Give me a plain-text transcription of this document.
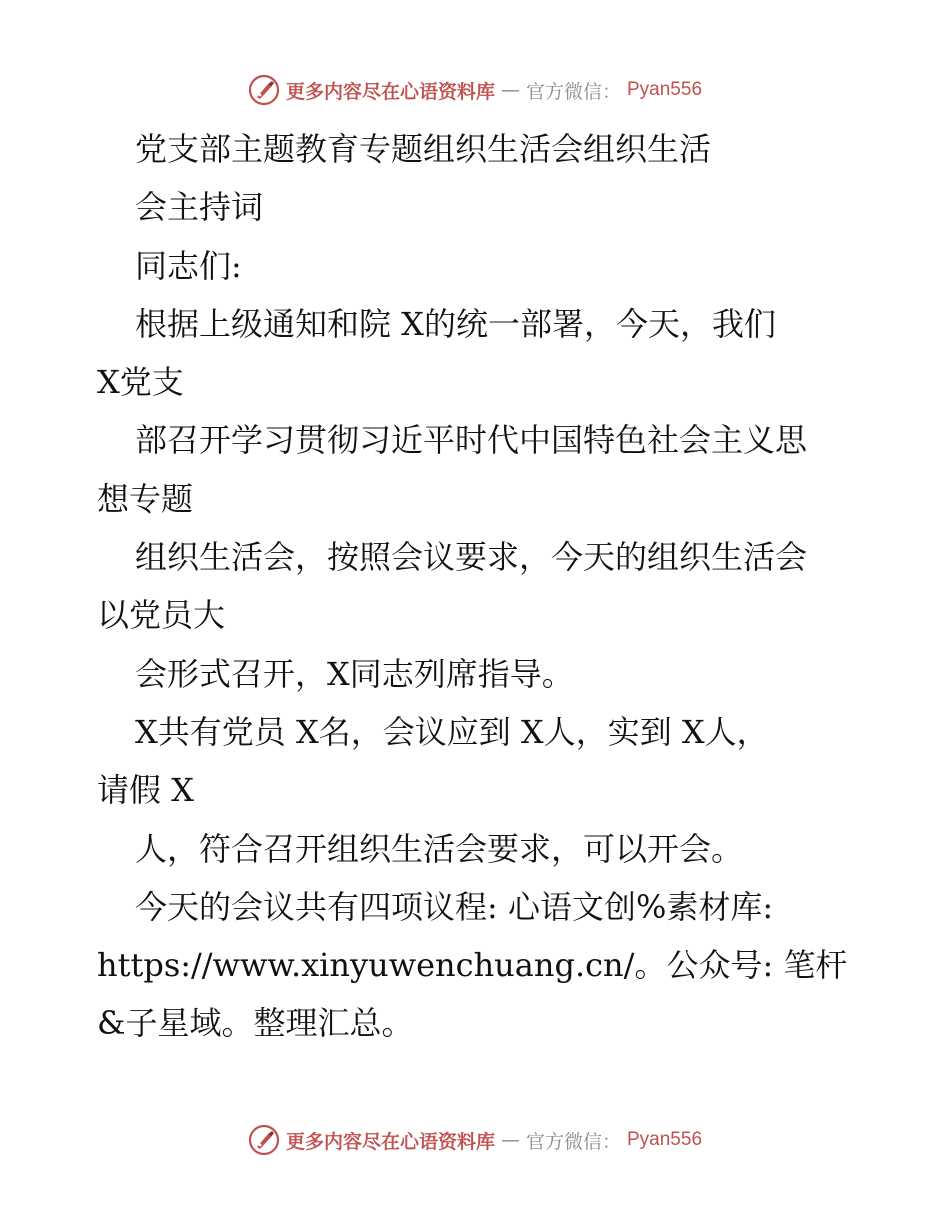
更多内容尽在心语资料库 — 官方微信： Pyan556
党支部主题教育专题组织生活会组织生活
会主持词
同志们:
根据上级通知和院 X的统一部署，今天，我们
X党支
部召开学习贯彻习近平时代中国特色社会主义思
想专题
组织生活会，按照会议要求，今天的组织生活会
以党员大
会形式召开，X同志列席指导。
X共有党员 X名，会议应到 X人，实到 X人，
请假 X
人，符合召开组织生活会要求，可以开会。
今天的会议共有四项议程: 心语文创%素材库:
https://www.xinyuwenchuang.cn/。公众号: 笔杆
&子星域。整理汇总。
更多内容尽在心语资料库 — 官方微信： Pyan556
